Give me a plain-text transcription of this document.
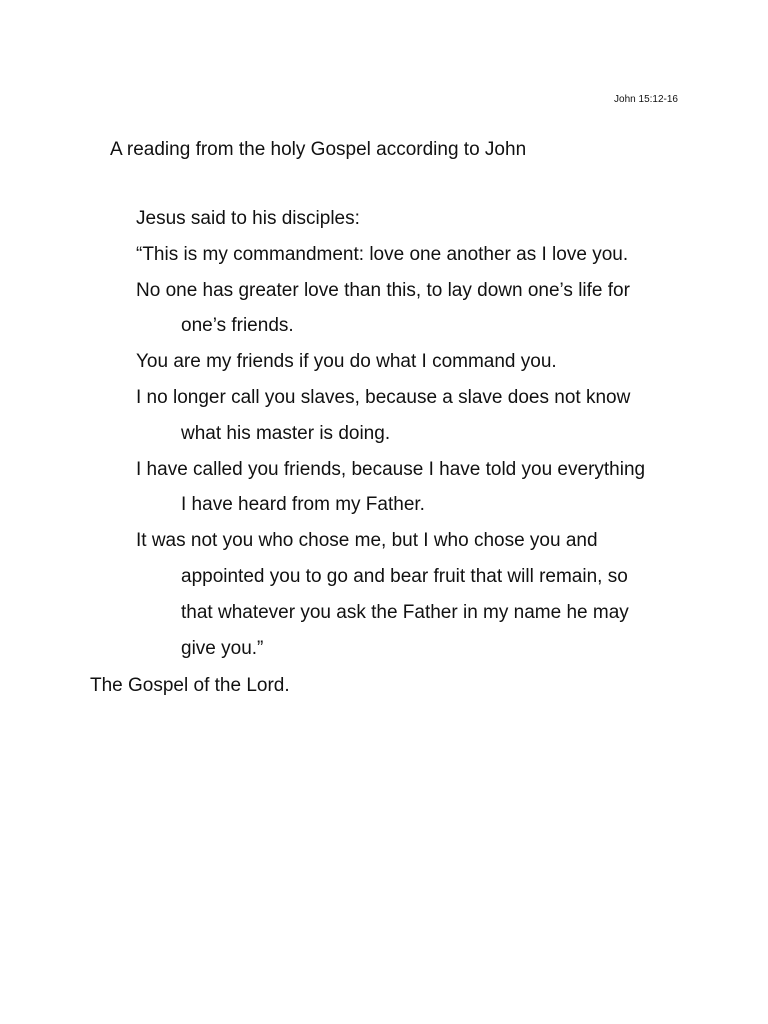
John 15:12-16
A reading from the holy Gospel according to John
Jesus said to his disciples:
“This is my commandment: love one another as I love you.
No one has greater love than this, to lay down one’s life for
one’s friends.
You are my friends if you do what I command you.
I no longer call you slaves, because a slave does not know
what his master is doing.
I have called you friends, because I have told you everything
I have heard from my Father.
It was not you who chose me, but I who chose you and
appointed you to go and bear fruit that will remain, so
that whatever you ask the Father in my name he may
give you.”
The Gospel of the Lord.
